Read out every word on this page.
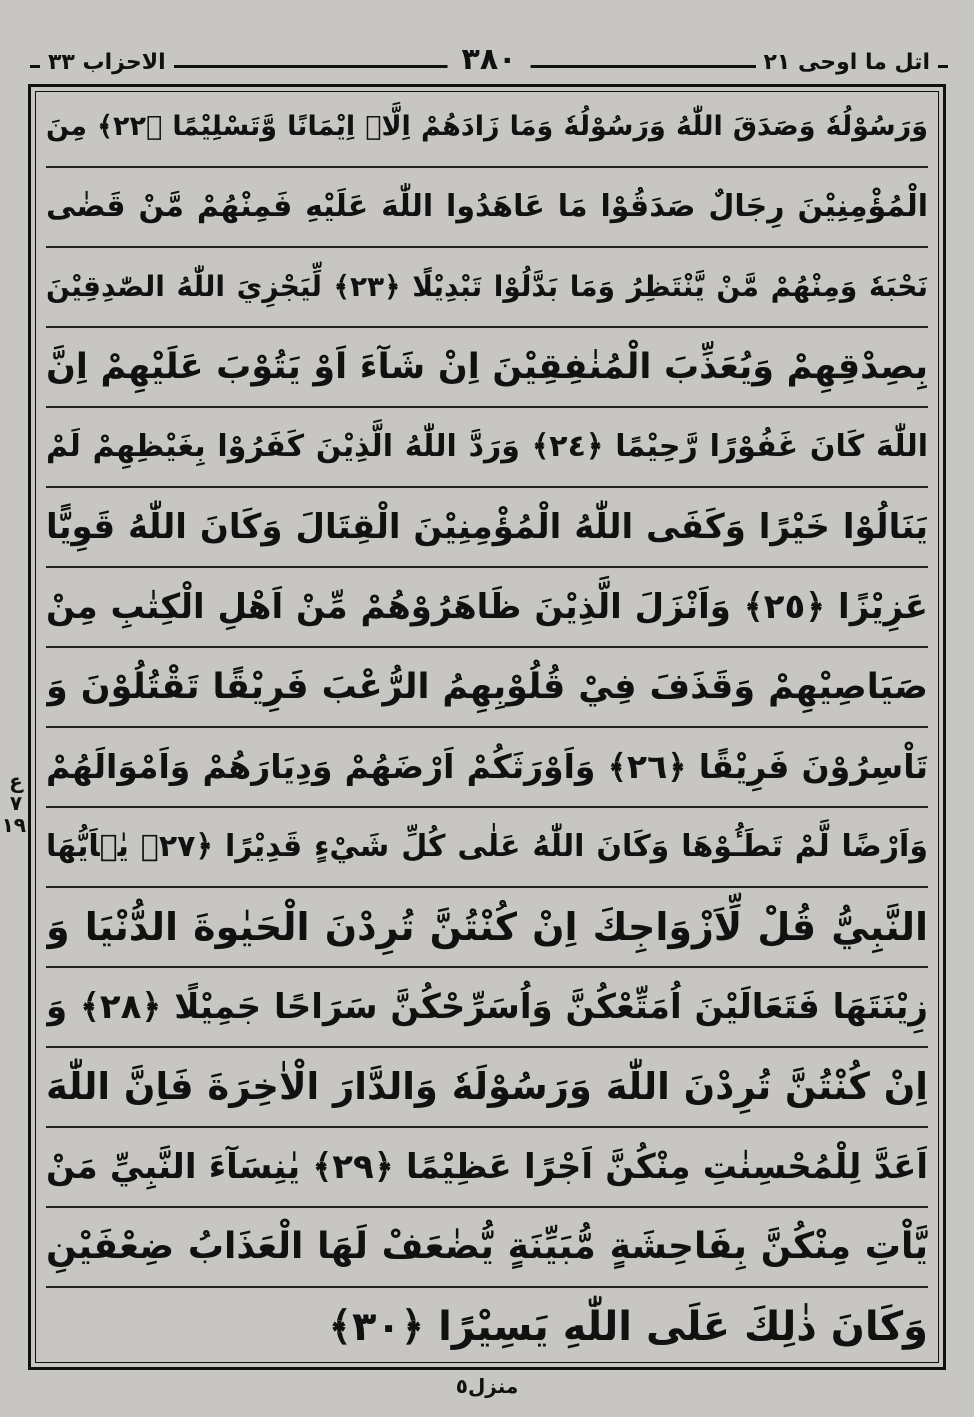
الاحزاب ٣٣	٣٨٠	اتل ما اوحی ٢١
وَرَسُوْلُهٗ وَصَدَقَ اللّٰهُ وَرَسُوْلُهٗ وَمَا زَادَهُمْ اِلَّاۤ اِيْمَانًا وَّتَسْلِيْمًا ﴿٢٢﴾ مِنَ
الْمُؤْمِنِيْنَ رِجَالٌ صَدَقُوْا مَا عَاهَدُوا اللّٰهَ عَلَيْهِ فَمِنْهُمْ مَّنْ قَضٰى
نَحْبَهٗ وَمِنْهُمْ مَّنْ يَّنْتَظِرُ وَمَا بَدَّلُوْا تَبْدِيْلًا ﴿٢٣﴾ لِّيَجْزِيَ اللّٰهُ الصّٰدِقِيْنَ
بِصِدْقِهِمْ وَيُعَذِّبَ الْمُنٰفِقِيْنَ اِنْ شَآءَ اَوْ يَتُوْبَ عَلَيْهِمْ اِنَّ
اللّٰهَ كَانَ غَفُوْرًا رَّحِيْمًا ﴿٢٤﴾ وَرَدَّ اللّٰهُ الَّذِيْنَ كَفَرُوْا بِغَيْظِهِمْ لَمْ
يَنَالُوْا خَيْرًا وَكَفَى اللّٰهُ الْمُؤْمِنِيْنَ الْقِتَالَ وَكَانَ اللّٰهُ قَوِيًّا
عَزِيْزًا ﴿٢٥﴾ وَاَنْزَلَ الَّذِيْنَ ظَاهَرُوْهُمْ مِّنْ اَهْلِ الْكِتٰبِ مِنْ
صَيَاصِيْهِمْ وَقَذَفَ فِيْ قُلُوْبِهِمُ الرُّعْبَ فَرِيْقًا تَقْتُلُوْنَ وَ
تَاْسِرُوْنَ فَرِيْقًا ﴿٢٦﴾ وَاَوْرَثَكُمْ اَرْضَهُمْ وَدِيَارَهُمْ وَاَمْوَالَهُمْ
وَاَرْضًا لَّمْ تَطَـُٔوْهَا وَكَانَ اللّٰهُ عَلٰى كُلِّ شَيْءٍ قَدِيْرًا ﴿٢٧﴾ يٰۤاَيُّهَا
النَّبِيُّ قُلْ لِّاَزْوَاجِكَ اِنْ كُنْتُنَّ تُرِدْنَ الْحَيٰوةَ الدُّنْيَا وَ
زِيْنَتَهَا فَتَعَالَيْنَ اُمَتِّعْكُنَّ وَاُسَرِّحْكُنَّ سَرَاحًا جَمِيْلًا ﴿٢٨﴾ وَ
اِنْ كُنْتُنَّ تُرِدْنَ اللّٰهَ وَرَسُوْلَهٗ وَالدَّارَ الْاٰخِرَةَ فَاِنَّ اللّٰهَ
اَعَدَّ لِلْمُحْسِنٰتِ مِنْكُنَّ اَجْرًا عَظِيْمًا ﴿٢٩﴾ يٰنِسَآءَ النَّبِيِّ مَنْ
يَّاْتِ مِنْكُنَّ بِفَاحِشَةٍ مُّبَيِّنَةٍ يُّضٰعَفْ لَهَا الْعَذَابُ ضِعْفَيْنِ
وَكَانَ ذٰلِكَ عَلَى اللّٰهِ يَسِيْرًا ﴿٣٠﴾
ع ٧ ١٩
منزل٥
